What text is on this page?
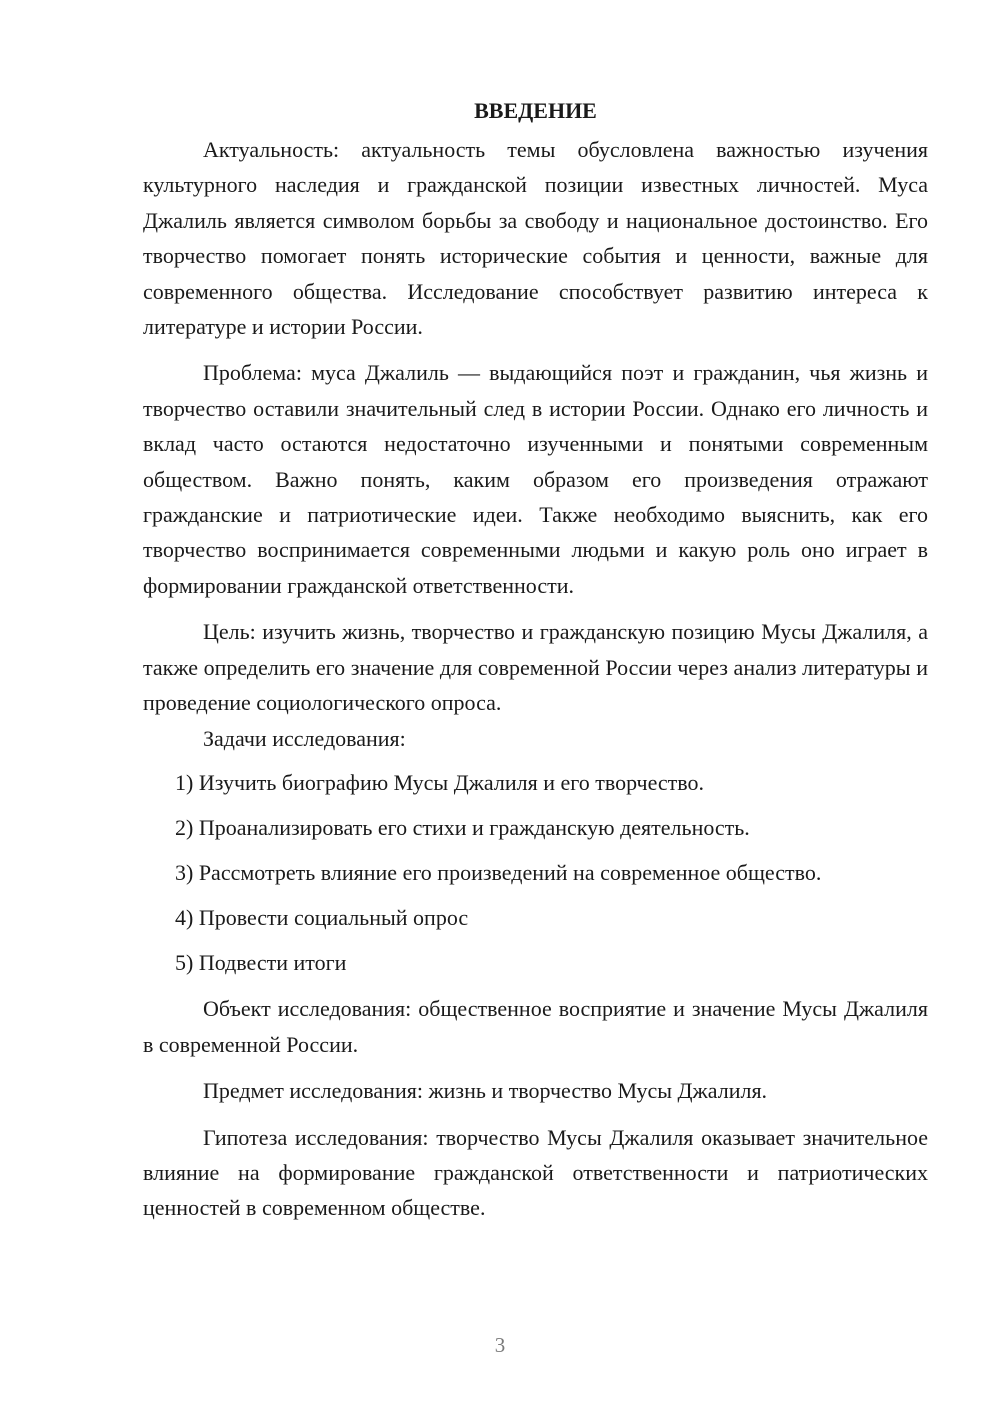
ВВЕДЕНИЕ

Актуальность: актуальность темы обусловлена важностью изучения культурного наследия и гражданской позиции известных личностей. Муса Джалиль является символом борьбы за свободу и национальное достоинство. Его творчество помогает понять исторические события и ценности, важные для современного общества. Исследование способствует развитию интереса к литературе и истории России.

Проблема: муса Джалиль — выдающийся поэт и гражданин, чья жизнь и творчество оставили значительный след в истории России. Однако его личность и вклад часто остаются недостаточно изученными и понятыми современным обществом. Важно понять, каким образом его произведения отражают гражданские и патриотические идеи. Также необходимо выяснить, как его творчество воспринимается современными людьми и какую роль оно играет в формировании гражданской ответственности.

Цель: изучить жизнь, творчество и гражданскую позицию Мусы Джалиля, а также определить его значение для современной России через анализ литературы и проведение социологического опроса.

Задачи исследования:

1) Изучить биографию Мусы Джалиля и его творчество.

2) Проанализировать его стихи и гражданскую деятельность.

3) Рассмотреть влияние его произведений на современное общество.

4) Провести социальный опрос

5) Подвести итоги

Объект исследования: общественное восприятие и значение Мусы Джалиля в современной России.

Предмет исследования: жизнь и творчество Мусы Джалиля.

Гипотеза исследования: творчество Мусы Джалиля оказывает значительное влияние на формирование гражданской ответственности и патриотических ценностей в современном обществе.

3
